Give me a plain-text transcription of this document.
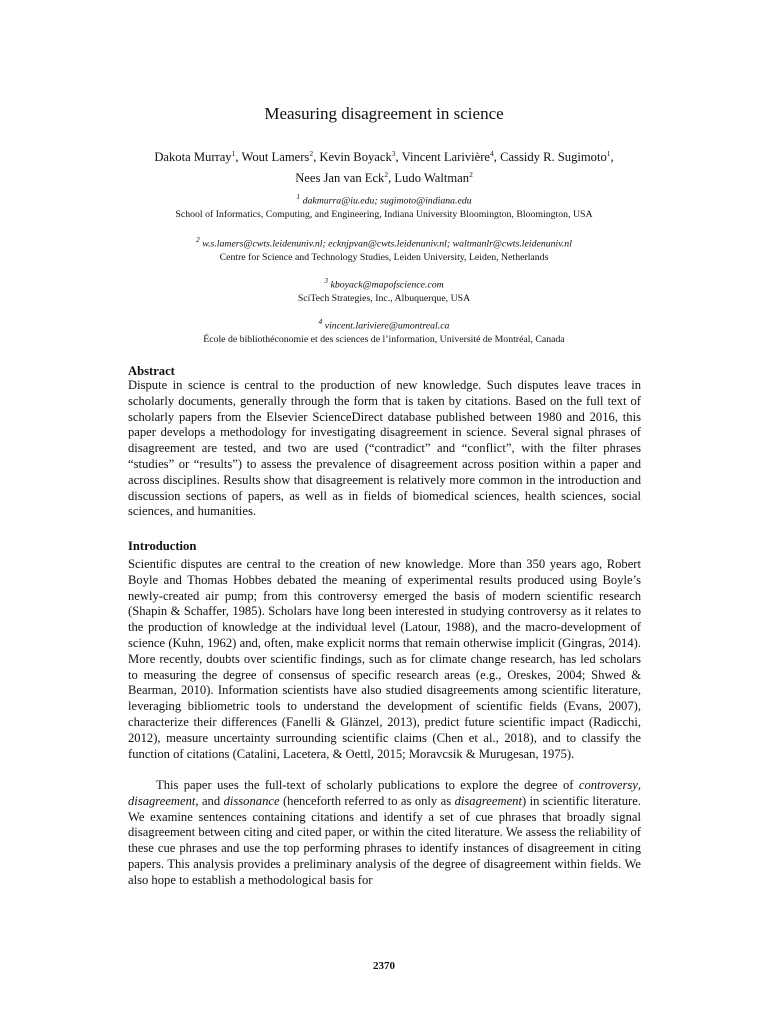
Measuring disagreement in science
Dakota Murray$^1$, Wout Lamers$^2$, Kevin Boyack$^3$, Vincent Larivière$^4$, Cassidy R. Sugimoto$^1$,
Nees Jan van Eck$^2$, Ludo Waltman$^2$
$^1$ dakmurra@iu.edu; sugimoto@indiana.edu
School of Informatics, Computing, and Engineering, Indiana University Bloomington, Bloomington, USA
$^2$ w.s.lamers@cwts.leidenuniv.nl; ecknjpvan@cwts.leidenuniv.nl; waltmanlr@cwts.leidenuniv.nl
Centre for Science and Technology Studies, Leiden University, Leiden, Netherlands
$^3$ kboyack@mapofscience.com
SciTech Strategies, Inc., Albuquerque, USA
$^4$ vincent.lariviere@umontreal.ca
École de bibliothéconomie et des sciences de l’information, Université de Montréal, Canada
Abstract
Dispute in science is central to the production of new knowledge. Such disputes leave traces in scholarly documents, generally through the form that is taken by citations. Based on the full text of scholarly papers from the Elsevier ScienceDirect database published between 1980 and 2016, this paper develops a methodology for investigating disagreement in science. Several signal phrases of disagreement are tested, and two are used (“contradict” and “conflict”, with the filter phrases “studies” or “results”) to assess the prevalence of disagreement across position within a paper and across disciplines. Results show that disagreement is relatively more common in the introduction and discussion sections of papers, as well as in fields of biomedical sciences, health sciences, social sciences, and humanities.
Introduction
Scientific disputes are central to the creation of new knowledge. More than 350 years ago, Robert Boyle and Thomas Hobbes debated the meaning of experimental results produced using Boyle’s newly-created air pump; from this controversy emerged the basis of modern scientific research (Shapin & Schaffer, 1985). Scholars have long been interested in studying controversy as it relates to the production of knowledge at the individual level (Latour, 1988), and the macro-development of science (Kuhn, 1962) and, often, make explicit norms that remain otherwise implicit (Gingras, 2014). More recently, doubts over scientific findings, such as for climate change research, has led scholars to measuring the degree of consensus of specific research areas (e.g., Oreskes, 2004; Shwed & Bearman, 2010). Information scientists have also studied disagreements among scientific literature, leveraging bibliometric tools to understand the development of scientific fields (Evans, 2007), characterize their differences (Fanelli & Glänzel, 2013), predict future scientific impact (Radicchi, 2012), measure uncertainty surrounding scientific claims (Chen et al., 2018), and to classify the function of citations (Catalini, Lacetera, & Oettl, 2015; Moravcsik & Murugesan, 1975).
This paper uses the full-text of scholarly publications to explore the degree of controversy, disagreement, and dissonance (henceforth referred to as only as disagreement) in scientific literature. We examine sentences containing citations and identify a set of cue phrases that broadly signal disagreement between citing and cited paper, or within the cited literature. We assess the reliability of these cue phrases and use the top performing phrases to identify instances of disagreement in citing papers. This analysis provides a preliminary analysis of the degree of disagreement within fields. We also hope to establish a methodological basis for
2370
